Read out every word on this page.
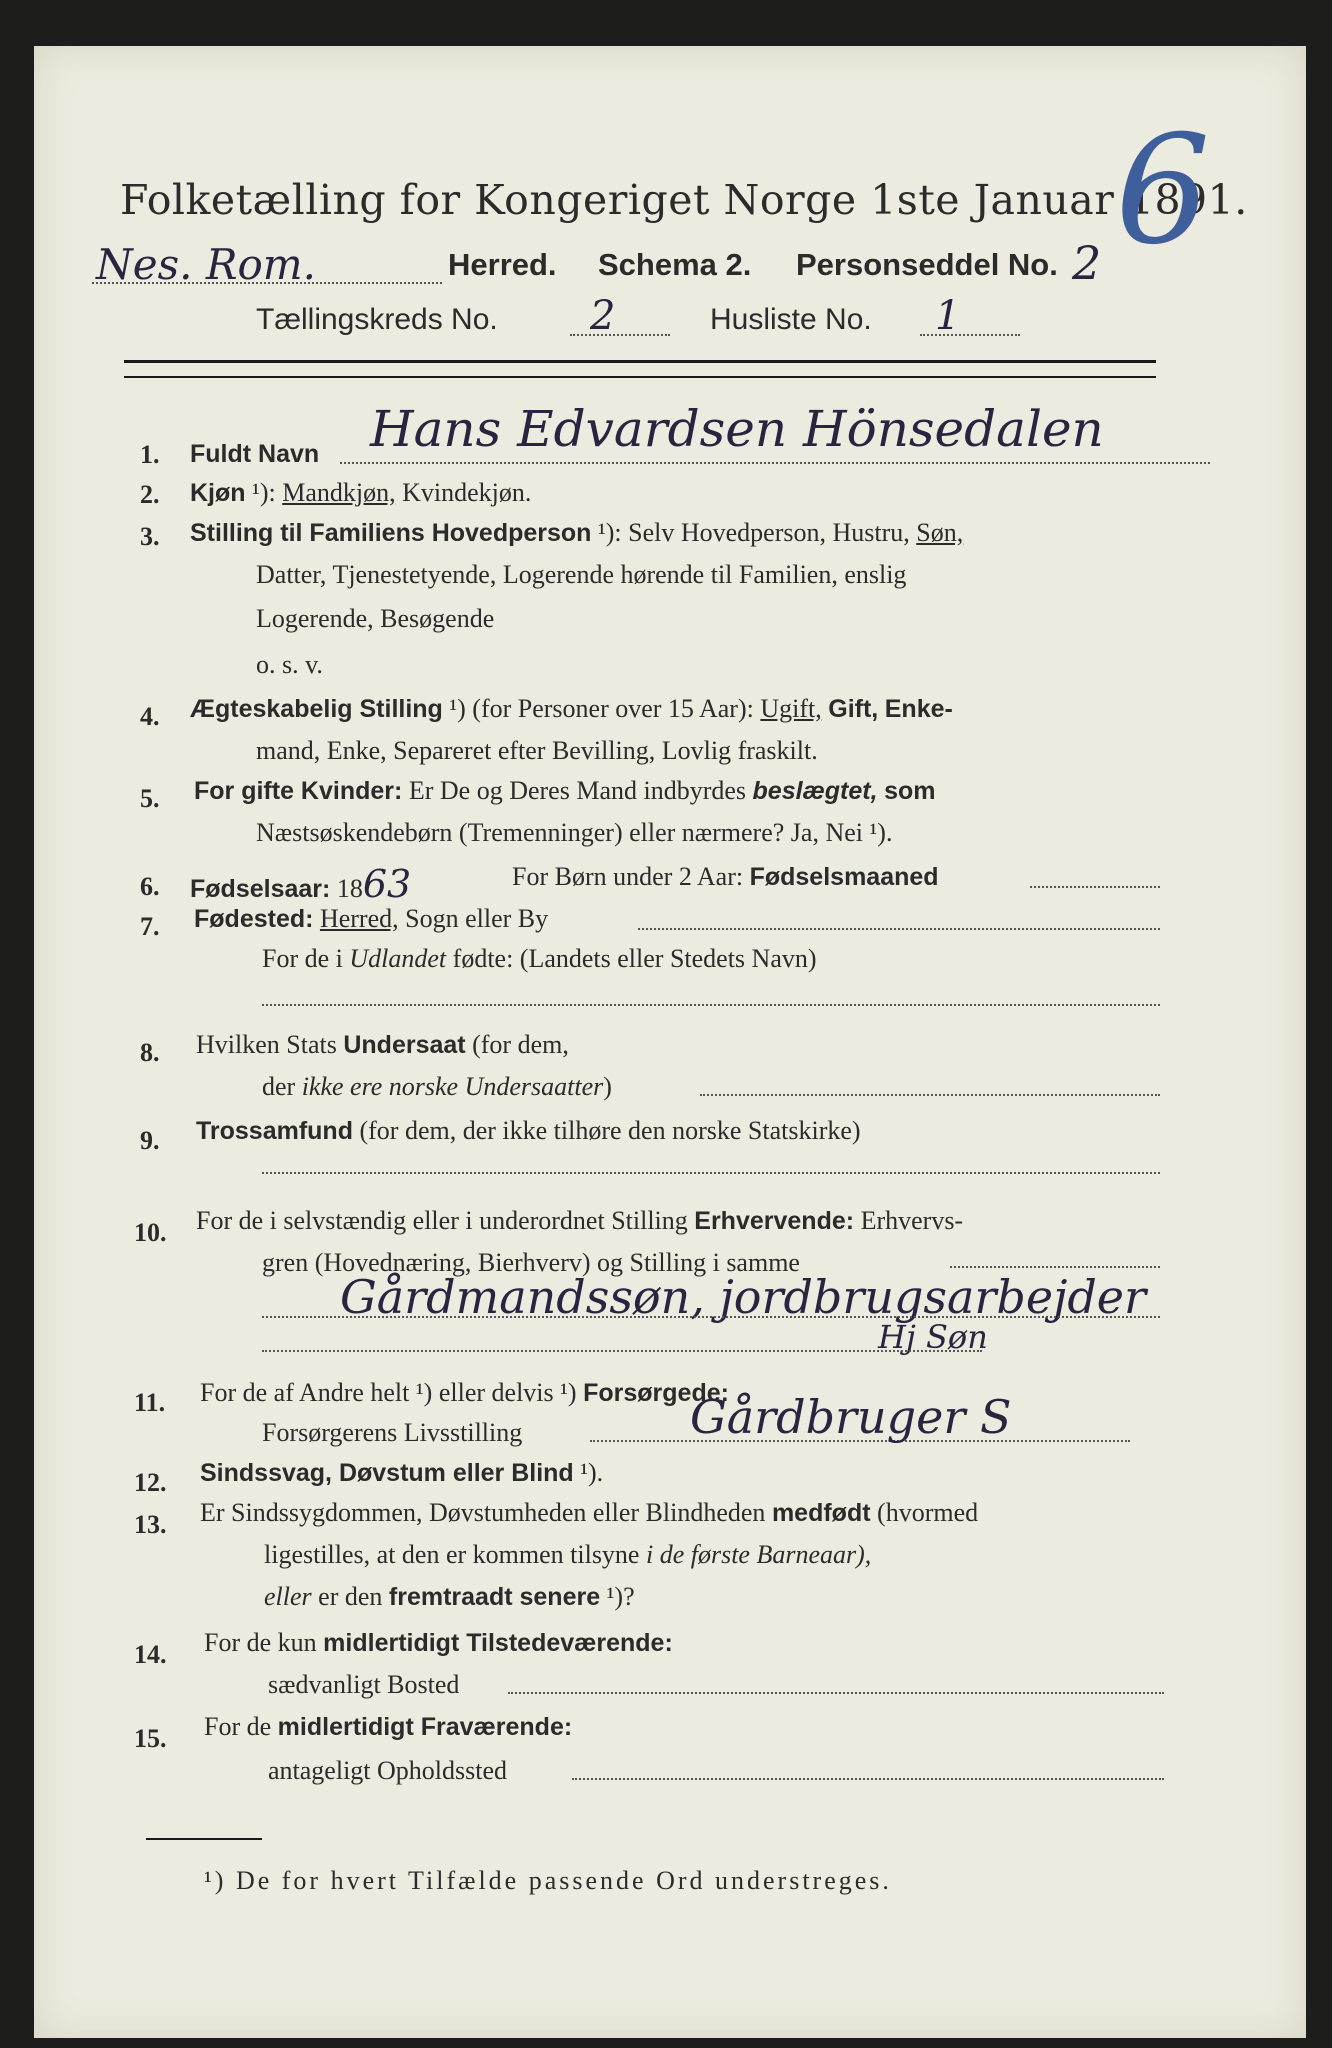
Folketælling for Kongeriget Norge 1ste Januar 1891.
Nes. Rom.	Herred. Schema 2. Personseddel No. 2 6
Tællingskreds No. 2	Husliste No. 1
1. Fuldt Navn Hans Edvardsen Hönsedalen
2. Kjøn ¹): Mandkjøn, Kvindekjøn.
3. Stilling til Familiens Hovedperson ¹): Selv Hovedperson, Hustru, Søn,
Datter, Tjenestetyende, Logerende hørende til Familien, enslig
Logerende, Besøgende
o. s. v.
4. Ægteskabelig Stilling ¹) (for Personer over 15 Aar): Ugift, Gift, Enke-
mand, Enke, Separeret efter Bevilling, Lovlig fraskilt.
5. For gifte Kvinder: Er De og Deres Mand indbyrdes beslægtet, som
Næstsøskendebørn (Tremenninger) eller nærmere? Ja, Nei ¹).
6. Fødselsaar: 1863	For Børn under 2 Aar: Fødselsmaaned
7. Fødested: Herred, Sogn eller By
For de i Udlandet fødte: (Landets eller Stedets Navn)
8. Hvilken Stats Undersaat (for dem,
der ikke ere norske Undersaatter)
9. Trossamfund (for dem, der ikke tilhøre den norske Statskirke)
10. For de i selvstændig eller i underordnet Stilling Erhvervende: Erhvervs-
gren (Hovednæring, Bierhverv) og Stilling i samme
Gårdmandssøn, jordbrugsarbejder
Hj Søn
11. For de af Andre helt ¹) eller delvis ¹) Forsørgede:
Forsørgerens Livsstilling	Gårdbruger S
12. Sindssvag, Døvstum eller Blind ¹).
13. Er Sindssygdommen, Døvstumheden eller Blindheden medfødt (hvormed
ligestilles, at den er kommen tilsyne i de første Barneaar),
eller er den fremtraadt senere ¹)?
14. For de kun midlertidigt Tilstedeværende:
sædvanligt Bosted
15. For de midlertidigt Fraværende:
antageligt Opholdssted
¹) De for hvert Tilfælde passende Ord understreges.
